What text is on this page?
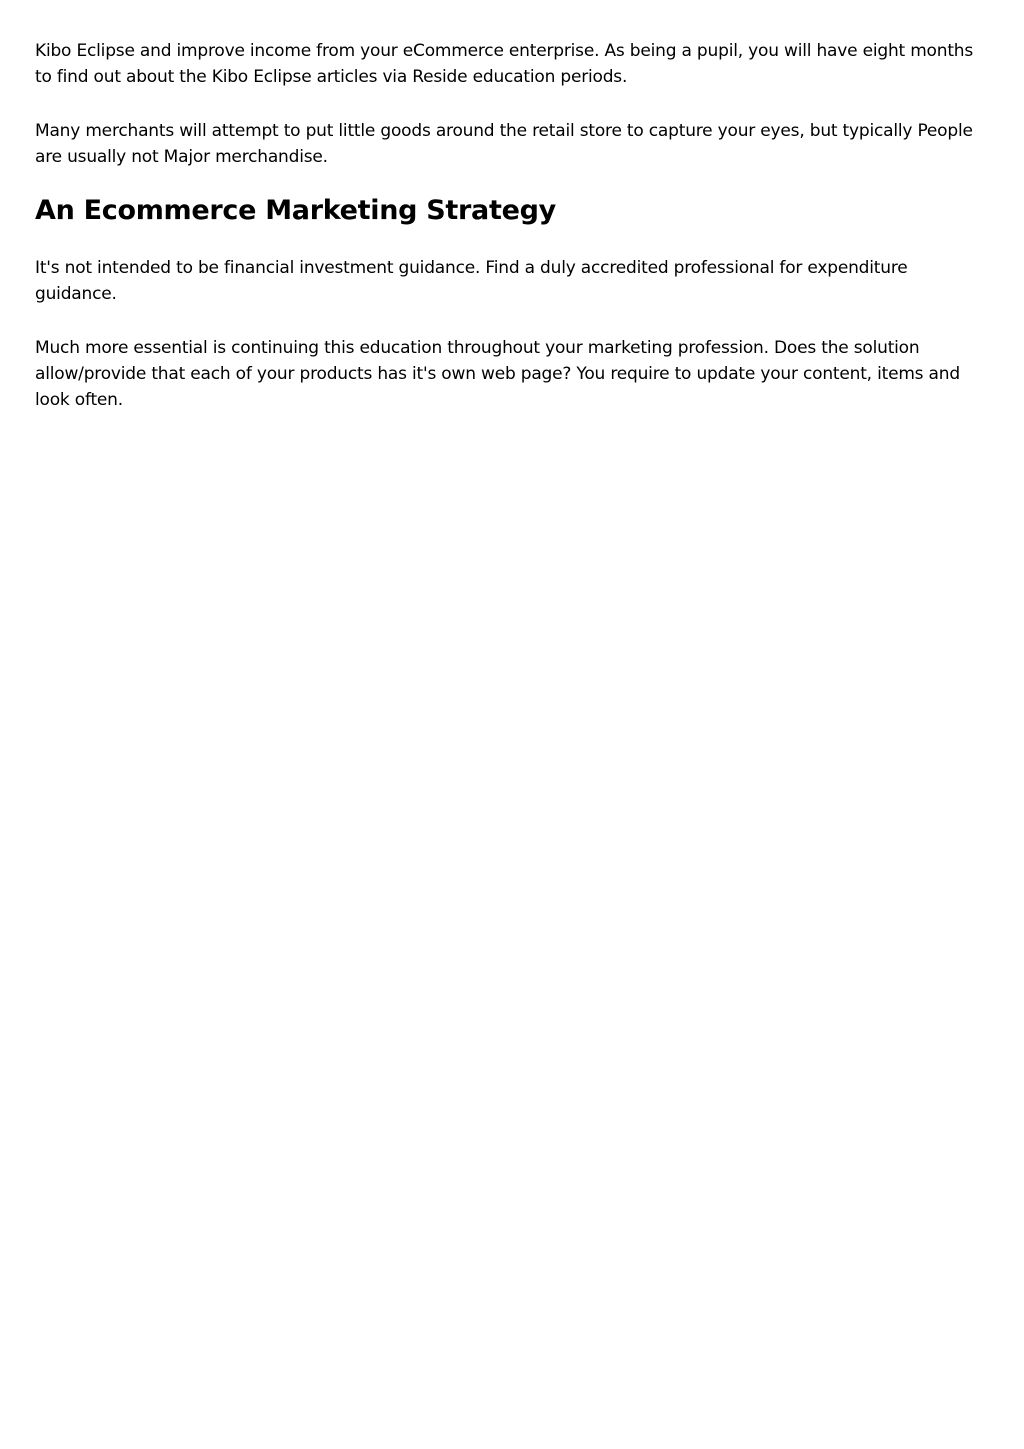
Kibo Eclipse and improve income from your eCommerce enterprise. As being a pupil, you will have eight months to find out about the Kibo Eclipse articles via Reside education periods.

Many merchants will attempt to put little goods around the retail store to capture your eyes, but typically People are usually not Major merchandise.

An Ecommerce Marketing Strategy

It's not intended to be financial investment guidance. Find a duly accredited professional for expenditure guidance.

Much more essential is continuing this education throughout your marketing profession. Does the solution allow/provide that each of your products has it's own web page? You require to update your content, items and look often.
